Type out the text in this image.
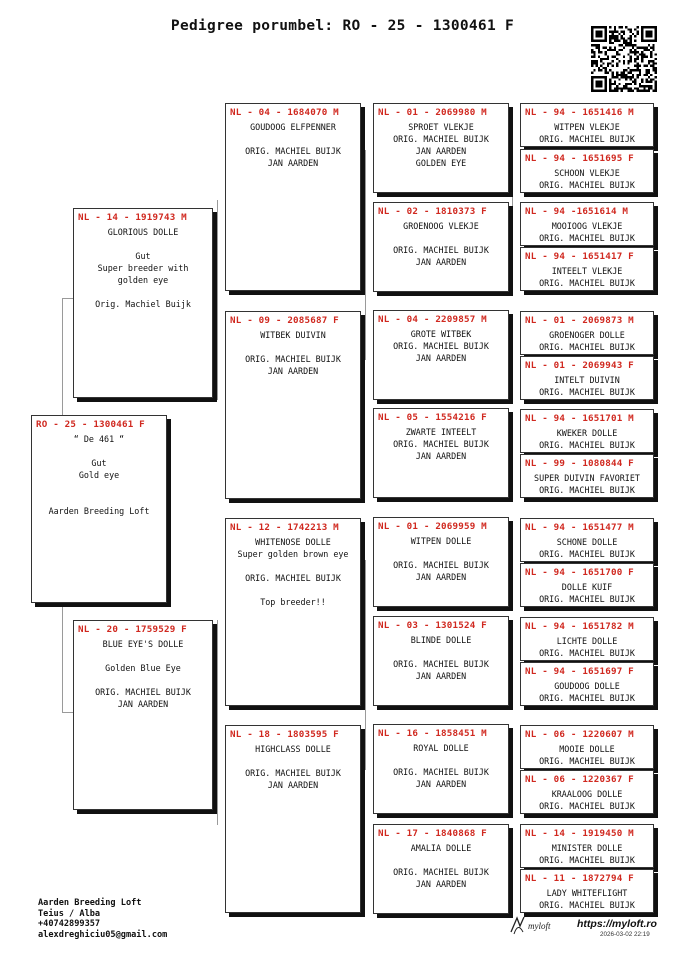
Pedigree porumbel: RO - 25 - 1300461 F
RO - 25 - 1300461 F
“ De 461 “
Gut
Gold eye
Aarden Breeding Loft
NL - 14 - 1919743 M
GLORIOUS DOLLE
Gut
Super breeder with
golden eye
Orig. Machiel Buijk
NL - 20 - 1759529 F
BLUE EYE'S DOLLE
Golden Blue Eye
ORIG. MACHIEL BUIJK
JAN AARDEN
NL - 04 - 1684070 M
GOUDOOG ELFPENNER
ORIG. MACHIEL BUIJK
JAN AARDEN
NL - 09 - 2085687 F
WITBEK DUIVIN
ORIG. MACHIEL BUIJK
JAN AARDEN
NL - 12 - 1742213 M
WHITENOSE DOLLE
Super golden brown eye
ORIG. MACHIEL BUIJK
Top breeder!!
NL - 18 - 1803595 F
HIGHCLASS DOLLE
ORIG. MACHIEL BUIJK
JAN AARDEN
NL - 01 - 2069980 M
SPROET VLEKJE
ORIG. MACHIEL BUIJK
JAN AARDEN
GOLDEN EYE
NL - 02 - 1810373 F
GROENOOG VLEKJE
ORIG. MACHIEL BUIJK
JAN AARDEN
NL - 04 - 2209857 M
GROTE WITBEK
ORIG. MACHIEL BUIJK
JAN AARDEN
NL - 05 - 1554216 F
ZWARTE INTEELT
ORIG. MACHIEL BUIJK
JAN AARDEN
NL - 01 - 2069959 M
WITPEN DOLLE
ORIG. MACHIEL BUIJK
JAN AARDEN
NL - 03 - 1301524 F
BLINDE DOLLE
ORIG. MACHIEL BUIJK
JAN AARDEN
NL - 16 - 1858451 M
ROYAL DOLLE
ORIG. MACHIEL BUIJK
JAN AARDEN
NL - 17 - 1840868 F
AMALIA DOLLE
ORIG. MACHIEL BUIJK
JAN AARDEN
NL - 94 - 1651416 M
WITPEN VLEKJE
ORIG. MACHIEL BUIJK
NL - 94 - 1651695 F
SCHOON VLEKJE
ORIG. MACHIEL BUIJK
NL - 94 -1651614 M
MOOIOOG VLEKJE
ORIG. MACHIEL BUIJK
NL - 94 - 1651417 F
INTEELT VLEKJE
ORIG. MACHIEL BUIJK
NL - 01 - 2069873 M
GROENOGER DOLLE
ORIG. MACHIEL BUIJK
NL - 01 - 2069943 F
INTELT DUIVIN
ORIG. MACHIEL BUIJK
NL - 94 - 1651701 M
KWEKER DOLLE
ORIG. MACHIEL BUIJK
NL - 99 - 1080844 F
SUPER DUIVIN FAVORIET
ORIG. MACHIEL BUIJK
NL - 94 - 1651477 M
SCHONE DOLLE
ORIG. MACHIEL BUIJK
NL - 94 - 1651700 F
DOLLE KUIF
ORIG. MACHIEL BUIJK
NL - 94 - 1651782 M
LICHTE DOLLE
ORIG. MACHIEL BUIJK
NL - 94 - 1651697 F
GOUDOOG DOLLE
ORIG. MACHIEL BUIJK
NL - 06 - 1220607 M
MOOIE DOLLE
ORIG. MACHIEL BUIJK
NL - 06 - 1220367 F
KRAALOOG DOLLE
ORIG. MACHIEL BUIJK
NL - 14 - 1919450 M
MINISTER DOLLE
ORIG. MACHIEL BUIJK
NL - 11 - 1872794 F
LADY WHITEFLIGHT
ORIG. MACHIEL BUIJK
Aarden Breeding Loft
Teius / Alba
+40742899357
alexdreghiciu05@gmail.com
myloft	https://myloft.ro
2026-03-02 22:19
